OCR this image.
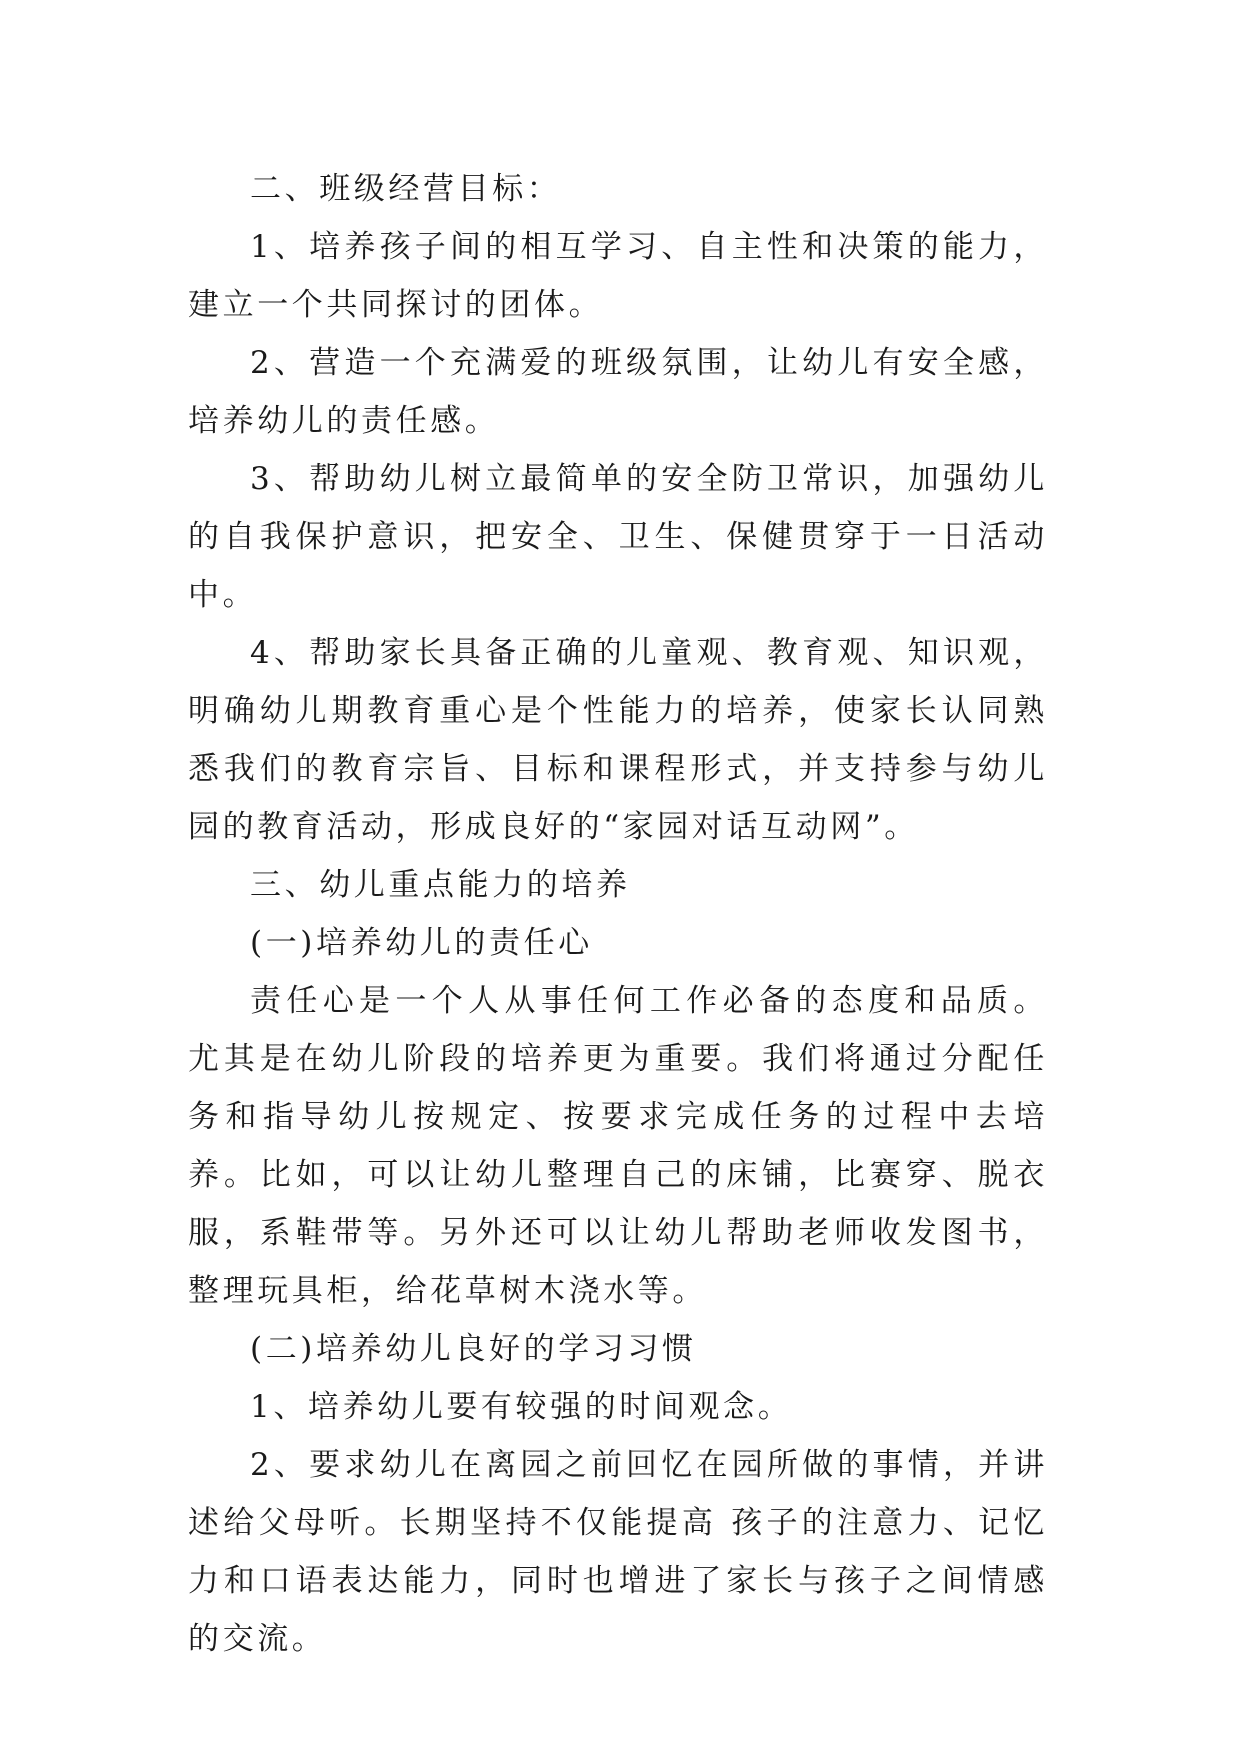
二、班级经营目标：

1、培养孩子间的相互学习、自主性和决策的能力，建立一个共同探讨的团体。

2、营造一个充满爱的班级氛围，让幼儿有安全感，培养幼儿的责任感。

3、帮助幼儿树立最简单的安全防卫常识，加强幼儿的自我保护意识，把安全、卫生、保健贯穿于一日活动中。

4、帮助家长具备正确的儿童观、教育观、知识观，明确幼儿期教育重心是个性能力的培养，使家长认同熟悉我们的教育宗旨、目标和课程形式，并支持参与幼儿园的教育活动，形成良好的“家园对话互动网”。

三、幼儿重点能力的培养

(一)培养幼儿的责任心

责任心是一个人从事任何工作必备的态度和品质。 尤其是在幼儿阶段的培养更为重要。我们将通过分配任务和指导幼儿按规定、按要求完成任务的过程中去培养。比如，可以让幼儿整理自己的床铺，比赛穿、脱衣服，系鞋带等。另外还可以让幼儿帮助老师收发图书，整理玩具柜，给花草树木浇水等。

(二)培养幼儿良好的学习习惯

1、培养幼儿要有较强的时间观念。

2、要求幼儿在离园之前回忆在园所做的事情，并讲述给父母听。长期坚持不仅能提高 孩子的注意力、记忆力和口语表达能力，同时也增进了家长与孩子之间情感的交流。
